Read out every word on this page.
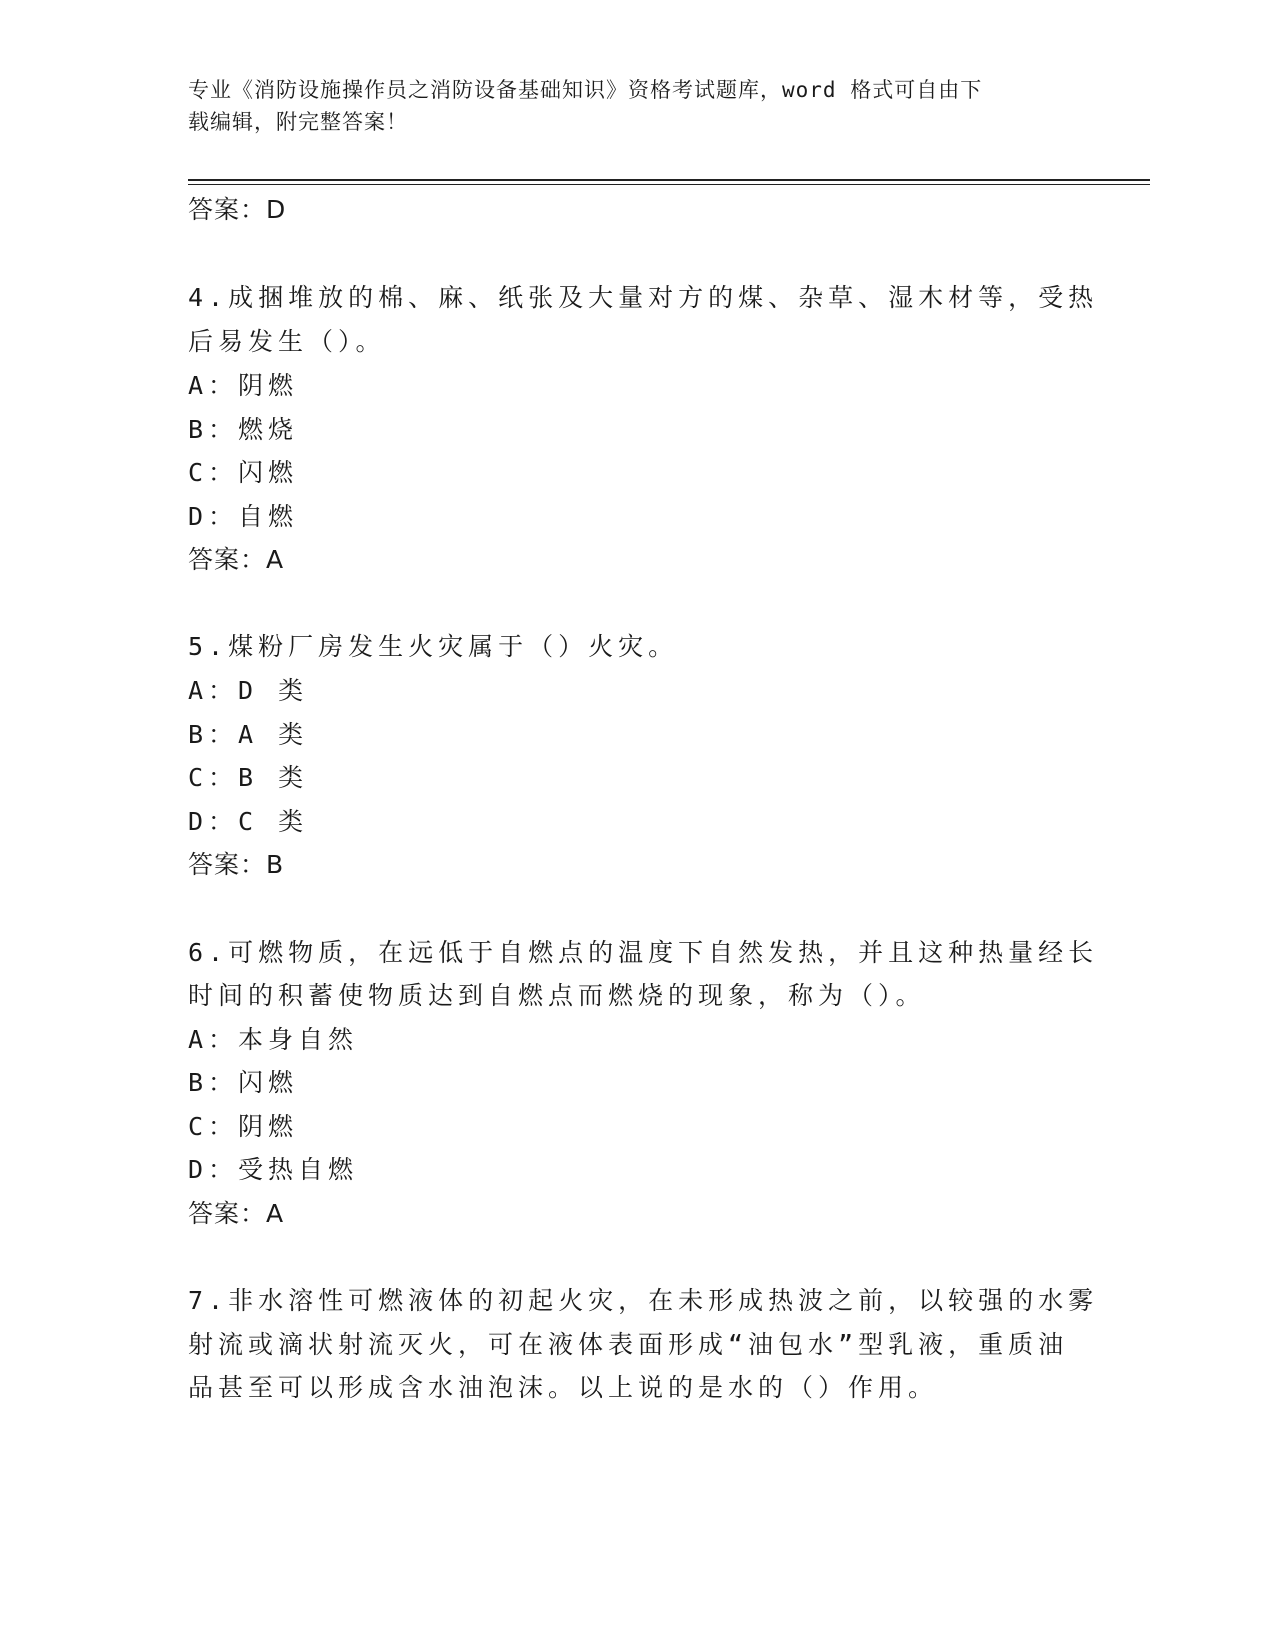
专业《消防设施操作员之消防设备基础知识》资格考试题库，word 格式可自由下
载编辑，附完整答案！
答案：D
4.成捆堆放的棉、麻、纸张及大量对方的煤、杂草、湿木材等，受热
后易发生（）。
A：阴燃
B：燃烧
C：闪燃
D：自燃
答案：A
5.煤粉厂房发生火灾属于（）火灾。
A：D 类
B：A 类
C：B 类
D：C 类
答案：B
6.可燃物质，在远低于自燃点的温度下自然发热，并且这种热量经长
时间的积蓄使物质达到自燃点而燃烧的现象，称为（）。
A：本身自然
B：闪燃
C：阴燃
D：受热自燃
答案：A
7.非水溶性可燃液体的初起火灾，在未形成热波之前，以较强的水雾
射流或滴状射流灭火，可在液体表面形成“油包水”型乳液，重质油
品甚至可以形成含水油泡沫。以上说的是水的（）作用。
